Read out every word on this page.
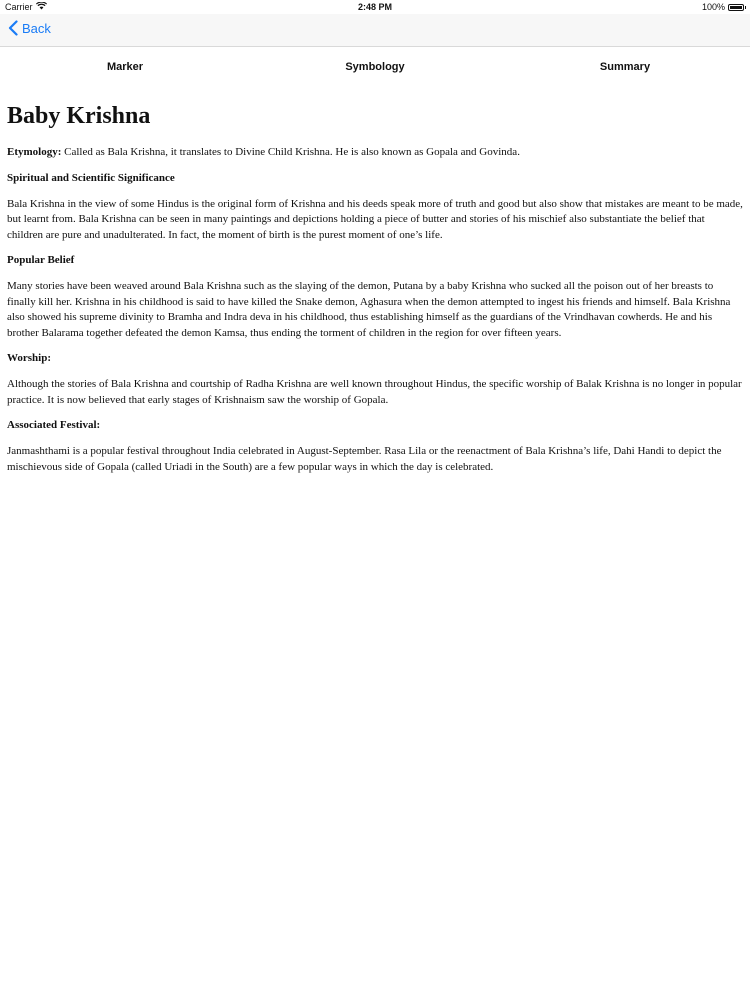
Carrier	2:48 PM	100%
Back
Marker	Symbology	Summary
Baby Krishna

Etymology: Called as Bala Krishna, it translates to Divine Child Krishna. He is also known as Gopala and Govinda.

Spiritual and Scientific Significance

Bala Krishna in the view of some Hindus is the original form of Krishna and his deeds speak more of truth and good but also show that mistakes are meant to be made, but learnt from. Bala Krishna can be seen in many paintings and depictions holding a piece of butter and stories of his mischief also substantiate the belief that children are pure and unadulterated. In fact, the moment of birth is the purest moment of one’s life.

Popular Belief

Many stories have been weaved around Bala Krishna such as the slaying of the demon, Putana by a baby Krishna who sucked all the poison out of her breasts to finally kill her. Krishna in his childhood is said to have killed the Snake demon, Aghasura when the demon attempted to ingest his friends and himself. Bala Krishna also showed his supreme divinity to Bramha and Indra deva in his childhood, thus establishing himself as the guardians of the Vrindhavan cowherds. He and his brother Balarama together defeated the demon Kamsa, thus ending the torment of children in the region for over fifteen years.

Worship:

Although the stories of Bala Krishna and courtship of Radha Krishna are well known throughout Hindus, the specific worship of Balak Krishna is no longer in popular practice. It is now believed that early stages of Krishnaism saw the worship of Gopala.

Associated Festival:

Janmashthami is a popular festival throughout India celebrated in August-September. Rasa Lila or the reenactment of Bala Krishna’s life, Dahi Handi to depict the mischievous side of Gopala (called Uriadi in the South) are a few popular ways in which the day is celebrated.
